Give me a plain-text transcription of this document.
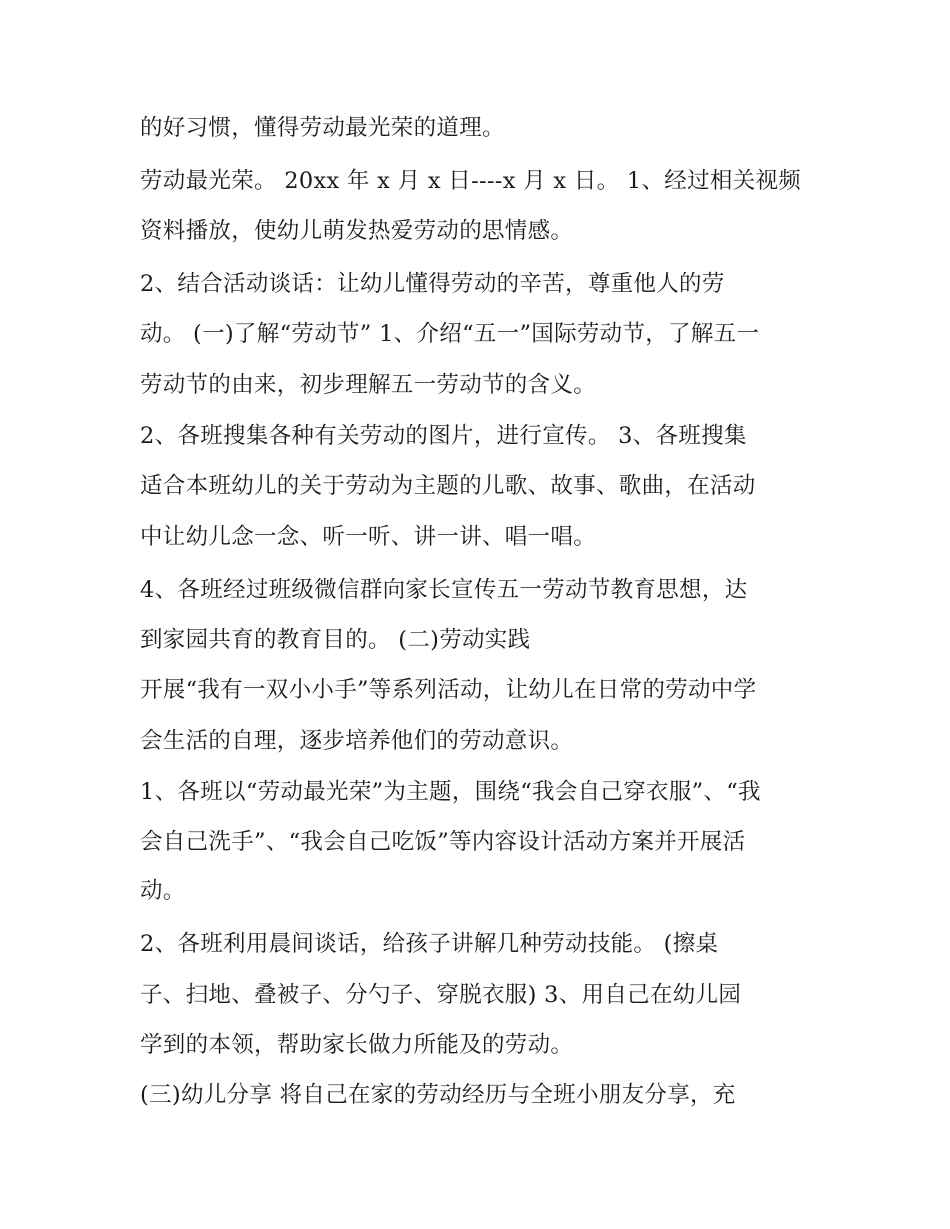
的好习惯，懂得劳动最光荣的道理。
劳动最光荣。 20xx 年 x 月 x 日----x 月 x 日。 1、经过相关视频
资料播放，使幼儿萌发热爱劳动的思情感。
2、结合活动谈话：让幼儿懂得劳动的辛苦，尊重他人的劳
动。 (一)了解“劳动节” 1、介绍“五一”国际劳动节，了解五一
劳动节的由来，初步理解五一劳动节的含义。
2、各班搜集各种有关劳动的图片，进行宣传。 3、各班搜集
适合本班幼儿的关于劳动为主题的儿歌、故事、歌曲，在活动
中让幼儿念一念、听一听、讲一讲、唱一唱。
4、各班经过班级微信群向家长宣传五一劳动节教育思想，达
到家园共育的教育目的。 (二)劳动实践
开展“我有一双小小手”等系列活动，让幼儿在日常的劳动中学
会生活的自理，逐步培养他们的劳动意识。
1、各班以“劳动最光荣”为主题，围绕“我会自己穿衣服”、“我
会自己洗手”、“我会自己吃饭”等内容设计活动方案并开展活
动。
2、各班利用晨间谈话，给孩子讲解几种劳动技能。 (擦桌
子、扫地、叠被子、分勺子、穿脱衣服) 3、用自己在幼儿园
学到的本领，帮助家长做力所能及的劳动。
(三)幼儿分享 将自己在家的劳动经历与全班小朋友分享，充
